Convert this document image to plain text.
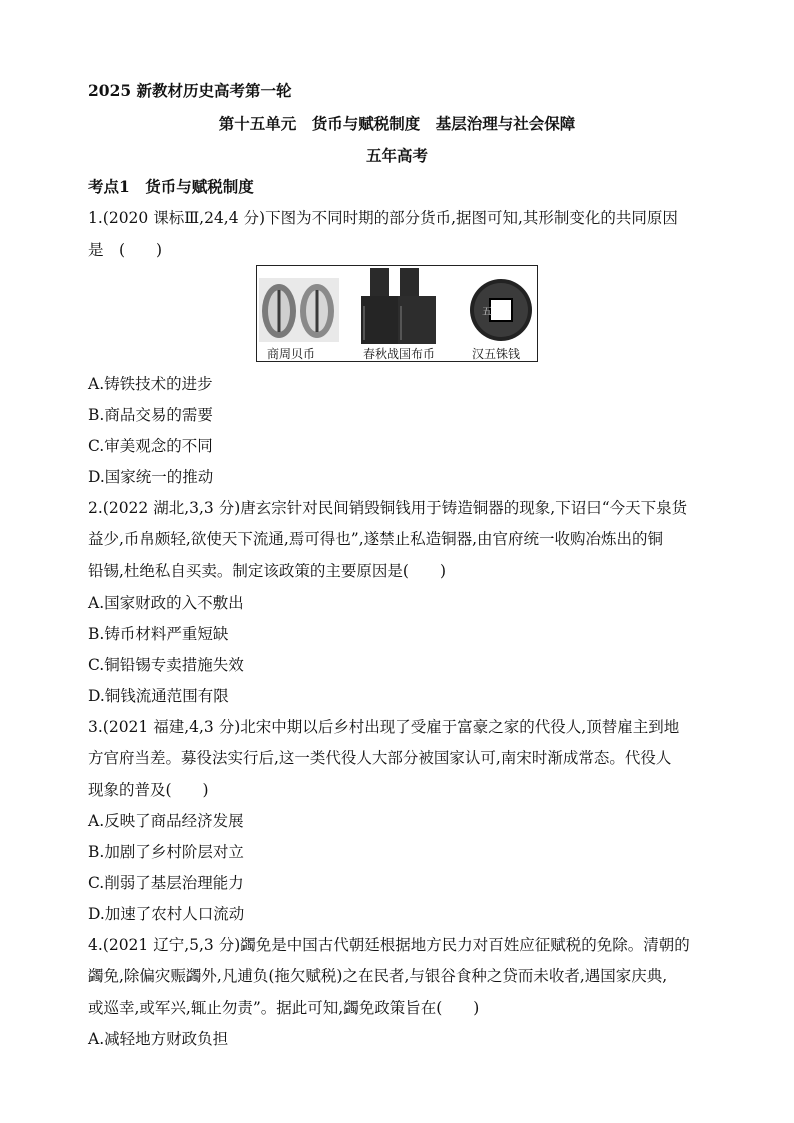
2025 新教材历史高考第一轮
第十五单元　货币与赋税制度　基层治理与社会保障
五年高考
考点1　货币与赋税制度
1.(2020 课标Ⅲ,24,4 分)下图为不同时期的部分货币,据图可知,其形制变化的共同原因
是　(　　)
五
商周贝币	春秋战国布币	汉五铢钱
A.铸铁技术的进步
B.商品交易的需要
C.审美观念的不同
D.国家统一的推动
2.(2022 湖北,3,3 分)唐玄宗针对民间销毁铜钱用于铸造铜器的现象,下诏曰“今天下泉货
益少,币帛颇轻,欲使天下流通,焉可得也”,遂禁止私造铜器,由官府统一收购冶炼出的铜
铅锡,杜绝私自买卖。制定该政策的主要原因是(　　)
A.国家财政的入不敷出
B.铸币材料严重短缺
C.铜铅锡专卖措施失效
D.铜钱流通范围有限
3.(2021 福建,4,3 分)北宋中期以后乡村出现了受雇于富豪之家的代役人,顶替雇主到地
方官府当差。募役法实行后,这一类代役人大部分被国家认可,南宋时渐成常态。代役人
现象的普及(　　)
A.反映了商品经济发展
B.加剧了乡村阶层对立
C.削弱了基层治理能力
D.加速了农村人口流动
4.(2021 辽宁,5,3 分)蠲免是中国古代朝廷根据地方民力对百姓应征赋税的免除。清朝的
蠲免,除偏灾赈蠲外,凡逋负(拖欠赋税)之在民者,与银谷食种之贷而未收者,遇国家庆典,
或巡幸,或军兴,辄止勿责”。据此可知,蠲免政策旨在(　　)
A.减轻地方财政负担
